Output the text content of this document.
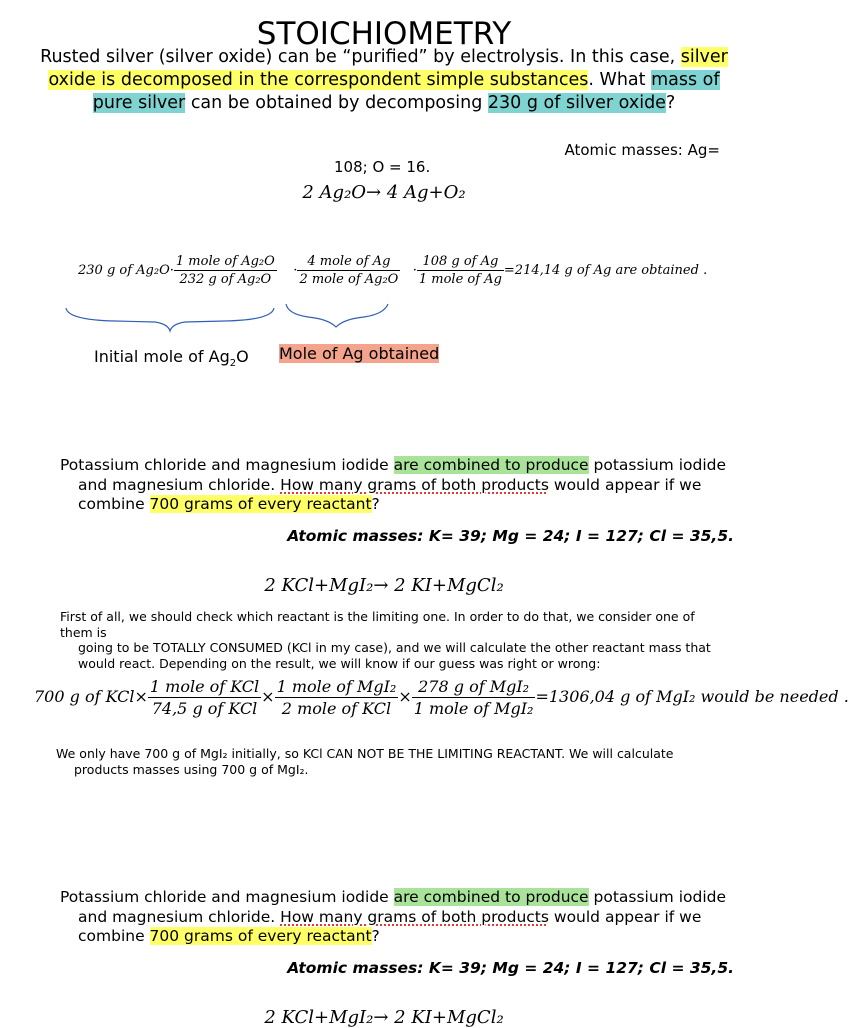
STOICHIOMETRY
Rusted silver (silver oxide) can be “purified” by electrolysis. In this case, silver oxide is decomposed in the correspondent simple substances. What mass of pure silver can be obtained by decomposing 230 g of silver oxide?
Atomic masses: Ag=
108; O = 16.
2 Ag₂O→ 4 Ag+O₂
230 g of $Ag_2O\cdot \frac{\text{1 mole of Ag₂O}}{\text{232 g of Ag₂O}} \cdot \frac{\text{4 mole of Ag}}{\text{2 mole of Ag₂O}} \cdot \frac{\text{108 g of Ag}}{\text{1 mole of Ag}} =214,14$ g of Ag are obtained .
Initial mole of $Ag_2O$ Mole of Ag obtained
Potassium chloride and magnesium iodide are combined to produce potassium iodide
and magnesium chloride. How many grams of both products would appear if we
combine 700 grams of every reactant?
Atomic masses: K= 39; Mg = 24; I = 127; Cl = 35,5.
2 KCl+MgI₂→ 2 KI+MgCl₂
First of all, we should check which reactant is the limiting one. In order to do that, we consider one of them is
going to be TOTALLY CONSUMED (KCl in my case), and we will calculate the other reactant mass that
would react. Depending on the result, we will know if our guess was right or wrong:
700 g of $KCl\times \frac{\text{1 mole of KCl}}{\text{74,5 g of KCl}} \times \frac{\text{1 mole of MgI₂}}{\text{2 mole of KCl}} \times \frac{\text{278 g of MgI₂}}{\text{1 mole of MgI₂}} =1306,04$ g of MgI₂ would be needed .
We only have 700 g of MgI₂ initially, so KCl CAN NOT BE THE LIMITING REACTANT. We will calculate
products masses using 700 g of MgI₂.
Potassium chloride and magnesium iodide are combined to produce potassium iodide
and magnesium chloride. How many grams of both products would appear if we
combine 700 grams of every reactant?
Atomic masses: K= 39; Mg = 24; I = 127; Cl = 35,5.
2 KCl+MgI₂→ 2 KI+MgCl₂
